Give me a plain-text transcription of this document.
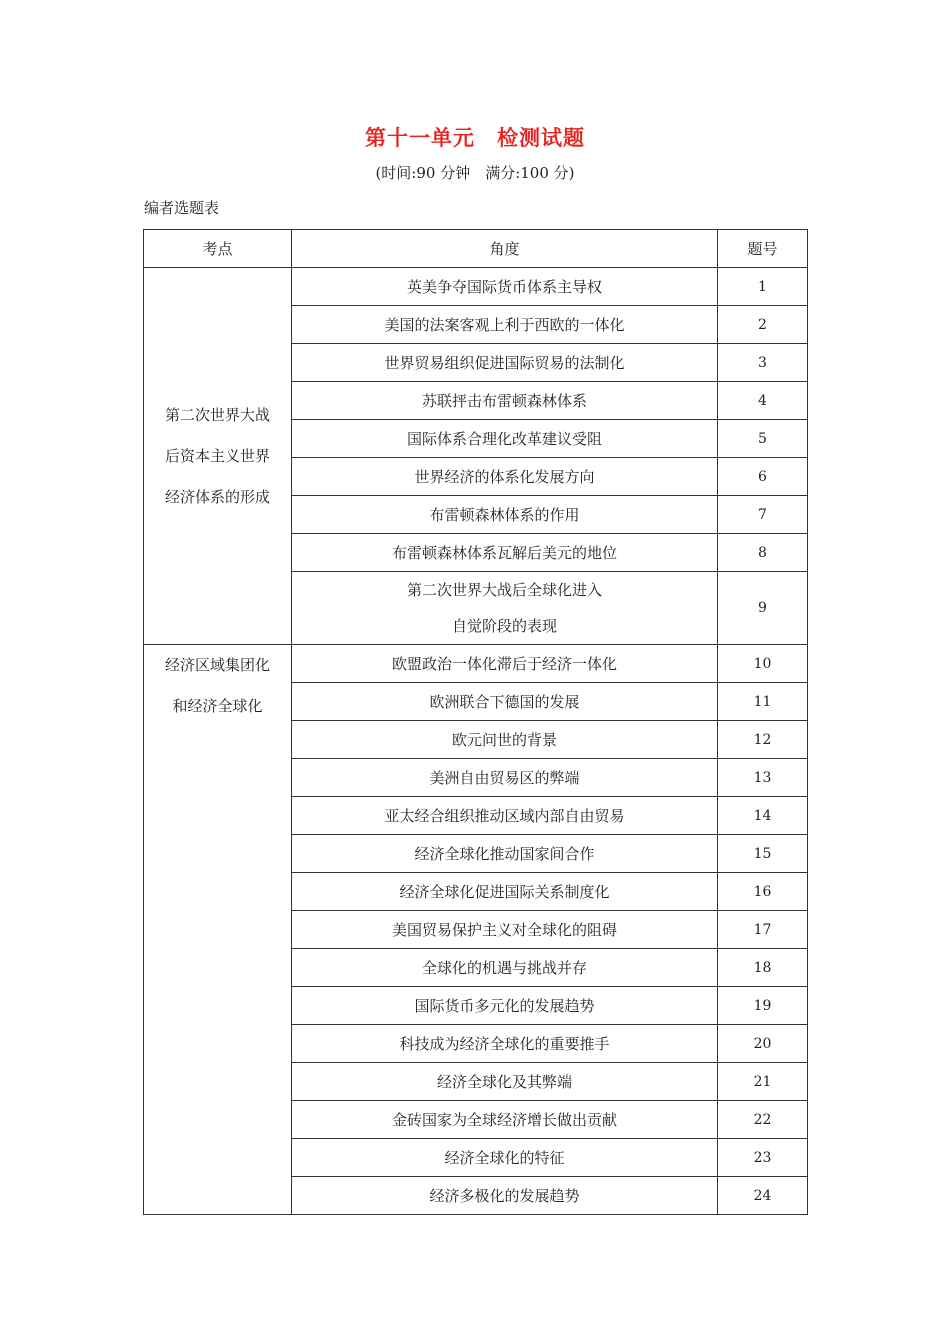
第十一单元　检测试题
(时间:90 分钟　满分:100 分)
编者选题表
考点	角度	题号

第二次世界大战
后资本主义世界
经济体系的形成	英美争夺国际货币体系主导权	1
	美国的法案客观上利于西欧的一体化	2
	世界贸易组织促进国际贸易的法制化	3
	苏联抨击布雷顿森林体系	4
	国际体系合理化改革建议受阻	5
	世界经济的体系化发展方向	6
	布雷顿森林体系的作用	7
	布雷顿森林体系瓦解后美元的地位	8

	第二次世界大战后全球化进入
自觉阶段的表现	9

经济区域集团化
和经济全球化	欧盟政治一体化滞后于经济一体化	10
	欧洲联合下德国的发展	11
	欧元问世的背景	12
	美洲自由贸易区的弊端	13
	亚太经合组织推动区域内部自由贸易	14
	经济全球化推动国家间合作	15
	经济全球化促进国际关系制度化	16
	美国贸易保护主义对全球化的阻碍	17
	全球化的机遇与挑战并存	18
	国际货币多元化的发展趋势	19
	科技成为经济全球化的重要推手	20
	经济全球化及其弊端	21
	金砖国家为全球经济增长做出贡献	22
	经济全球化的特征	23
	经济多极化的发展趋势	24
